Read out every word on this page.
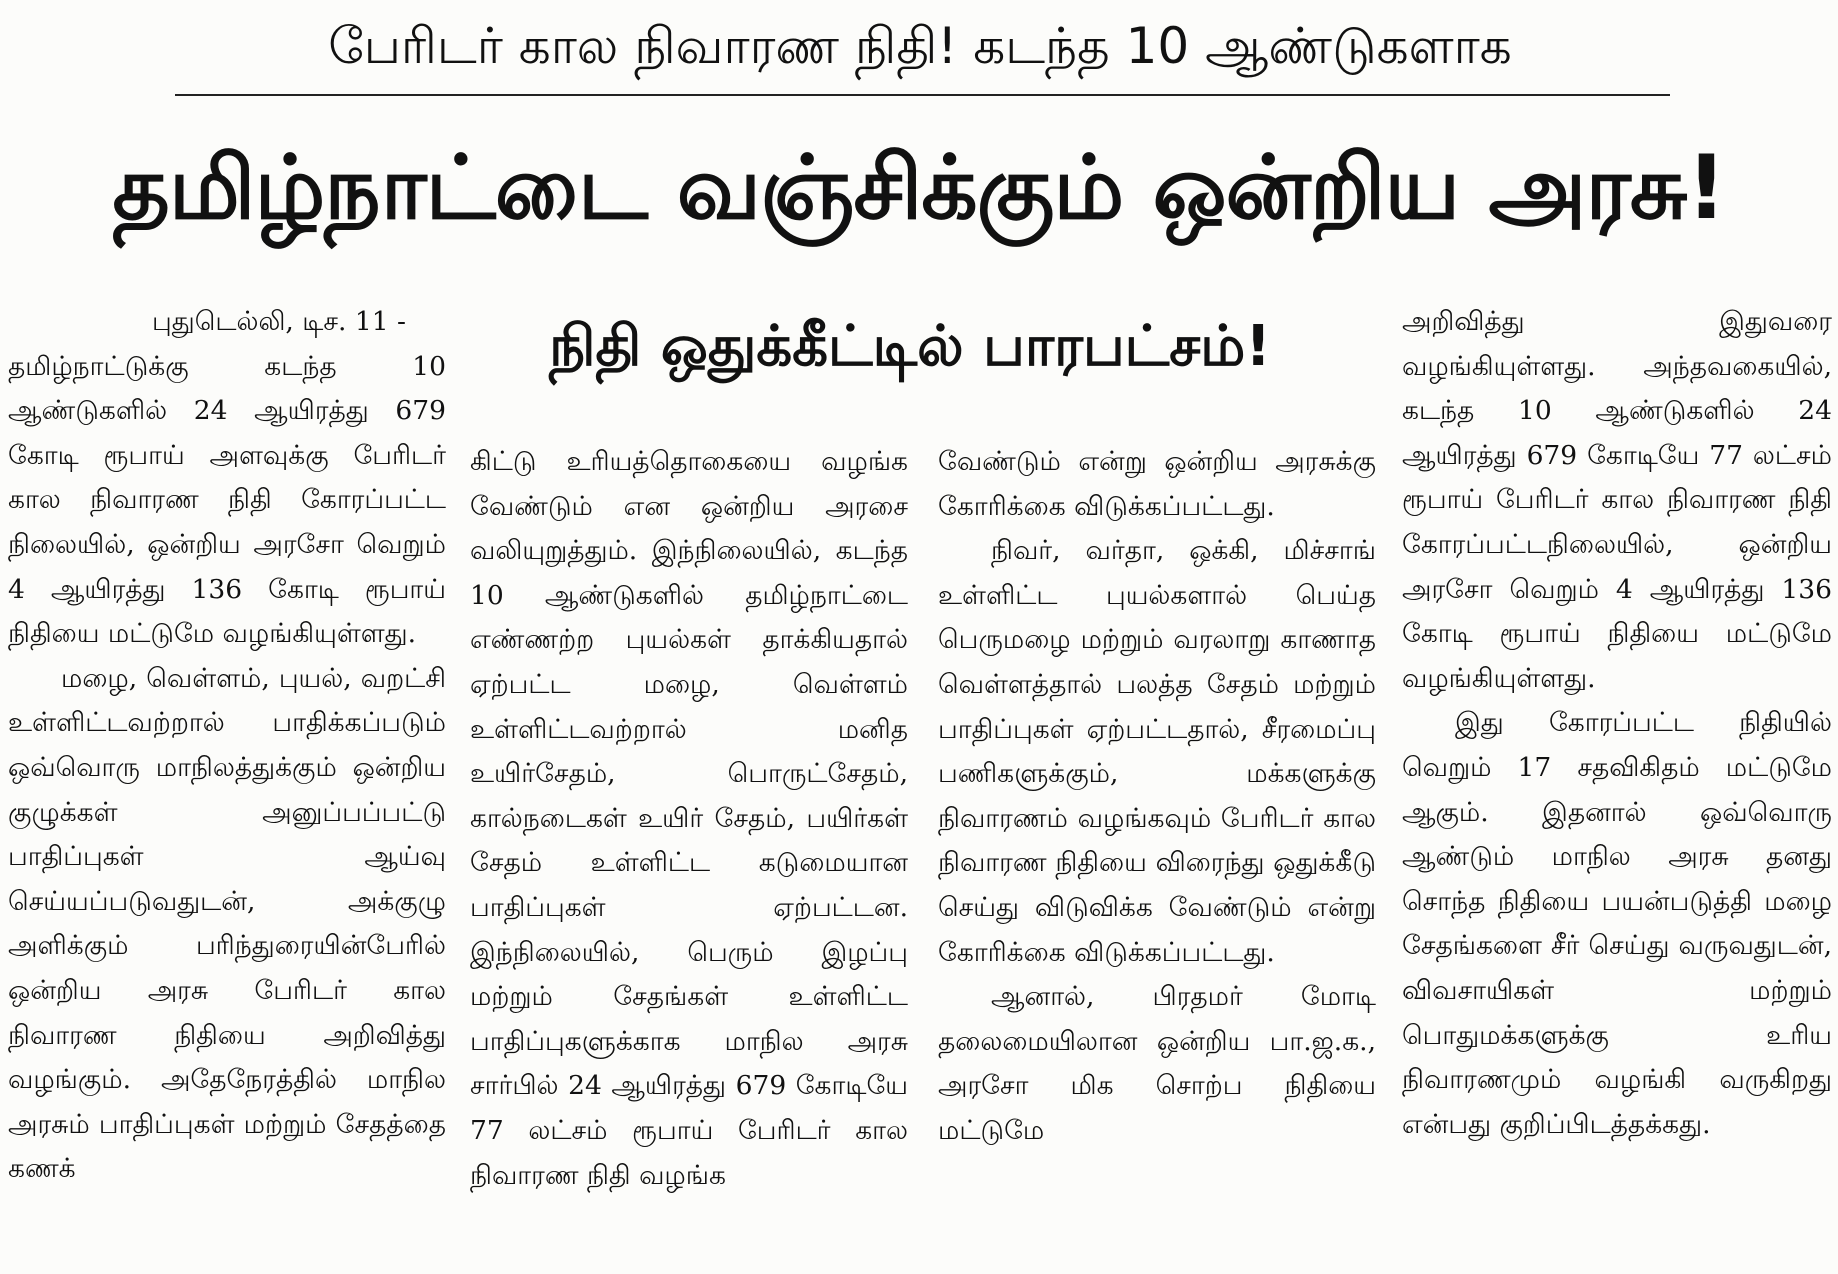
பேரிடர் கால நிவாரண நிதி! கடந்த 10 ஆண்டுகளாக
தமிழ்நாட்டை வஞ்சிக்கும் ஒன்றிய அரசு!
நிதி ஒதுக்கீட்டில் பாரபட்சம்!

புதுடெல்லி, டிச. 11 -

தமிழ்நாட்டுக்கு கடந்த 10 ஆண்டுகளில் 24 ஆயிரத்து 679 கோடி ரூபாய் அளவுக்கு பேரிடர் கால நிவாரண நிதி கோரப்பட்ட நிலையில், ஒன்றிய அரசோ வெறும் 4 ஆயிரத்து 136 கோடி ரூபாய் நிதியை மட்டுமே வழங்கியுள்ளது.

மழை, வெள்ளம், புயல், வறட்சி உள்ளிட்டவற்றால் பாதிக்கப்படும் ஒவ்வொரு மாநிலத்துக்கும் ஒன்றிய குழுக்கள் அனுப்பப்பட்டு பாதிப்புகள் ஆய்வு செய்யப்படுவதுடன், அக்குழு அளிக்கும் பரிந்துரையின்பேரில் ஒன்றிய அரசு பேரிடர் கால நிவாரண நிதியை அறிவித்து வழங்கும். அதேநேரத்தில் மாநில அரசும் பாதிப்புகள் மற்றும் சேதத்தை கணக்

கிட்டு உரியத்தொகையை வழங்க வேண்டும் என ஒன்றிய அரசை வலியுறுத்தும். இந்நிலையில், கடந்த 10 ஆண்டுகளில் தமிழ்நாட்டை எண்ணற்ற புயல்கள் தாக்கியதால் ஏற்பட்ட மழை, வெள்ளம் உள்ளிட்டவற்றால் மனித உயிர்சேதம், பொருட்சேதம், கால்நடைகள் உயிர் சேதம், பயிர்கள் சேதம் உள்ளிட்ட கடுமையான பாதிப்புகள் ஏற்பட்டன. இந்நிலையில், பெரும் இழப்பு மற்றும் சேதங்கள் உள்ளிட்ட பாதிப்புகளுக்காக மாநில அரசு சார்பில் 24 ஆயிரத்து 679 கோடியே 77 லட்சம் ரூபாய் பேரிடர் கால நிவாரண நிதி வழங்க

வேண்டும் என்று ஒன்றிய அரசுக்கு கோரிக்கை விடுக்கப்பட்டது.

நிவர், வர்தா, ஒக்கி, மிச்சாங் உள்ளிட்ட புயல்களால் பெய்த பெருமழை மற்றும் வரலாறு காணாத வெள்ளத்தால் பலத்த சேதம் மற்றும் பாதிப்புகள் ஏற்பட்டதால், சீரமைப்பு பணிகளுக்கும், மக்களுக்கு நிவாரணம் வழங்கவும் பேரிடர் கால நிவாரண நிதியை விரைந்து ஒதுக்கீடு செய்து விடுவிக்க வேண்டும் என்று கோரிக்கை விடுக்கப்பட்டது.

ஆனால், பிரதமர் மோடி தலைமையிலான ஒன்றிய பா.ஜ.க., அரசோ மிக சொற்ப நிதியை மட்டுமே

அறிவித்து இதுவரை வழங்கியுள்ளது. அந்தவகையில், கடந்த 10 ஆண்டுகளில் 24 ஆயிரத்து 679 கோடியே 77 லட்சம் ரூபாய் பேரிடர் கால நிவாரண நிதி கோரப்பட்டநிலையில், ஒன்றிய அரசோ வெறும் 4 ஆயிரத்து 136 கோடி ரூபாய் நிதியை மட்டுமே வழங்கியுள்ளது.

இது கோரப்பட்ட நிதியில் வெறும் 17 சதவிகிதம் மட்டுமே ஆகும். இதனால் ஒவ்வொரு ஆண்டும் மாநில அரசு தனது சொந்த நிதியை பயன்படுத்தி மழை சேதங்களை சீர் செய்து வருவதுடன், விவசாயிகள் மற்றும் பொதுமக்களுக்கு உரிய நிவாரணமும் வழங்கி வருகிறது என்பது குறிப்பிடத்தக்கது.
